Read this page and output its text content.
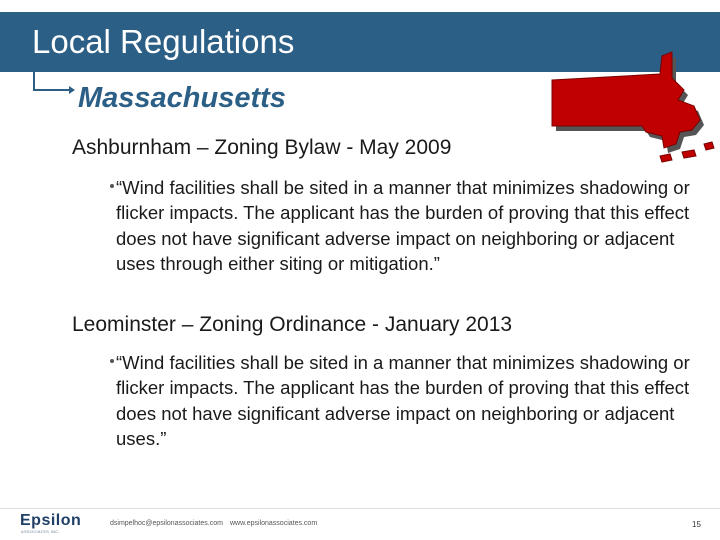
Local Regulations
Massachusetts
Ashburnham – Zoning Bylaw - May 2009
“Wind facilities shall be sited in a manner that minimizes shadowing or flicker impacts. The applicant has the burden of proving that this effect does not have significant adverse impact on neighboring or adjacent uses through either siting or mitigation.”
Leominster – Zoning Ordinance - January 2013
“Wind facilities shall be sited in a manner that minimizes shadowing or flicker impacts. The applicant has the burden of proving that this effect does not have significant adverse impact on neighboring or adjacent uses.”
Epsilon
ASSOCIATES INC.
dsimpelhoc@epsilonassociates.com www.epsilonassociates.com	15
